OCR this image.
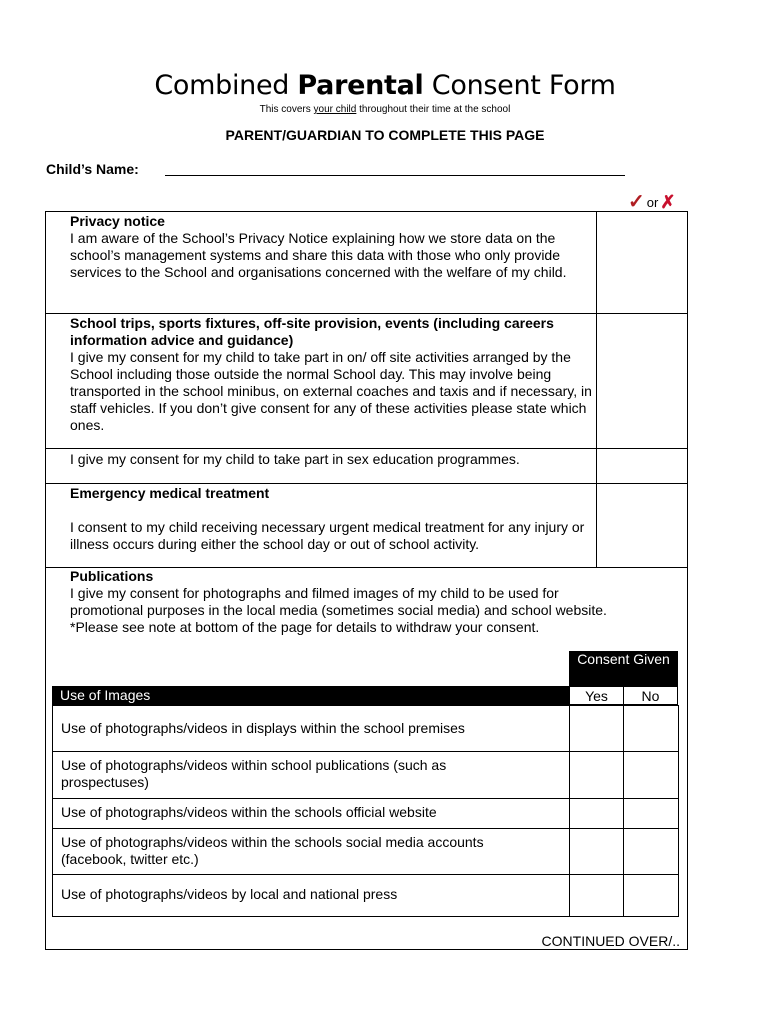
Combined Parental Consent Form
This covers your child throughout their time at the school
PARENT/GUARDIAN TO COMPLETE THIS PAGE
Child’s Name:
✓ or ✗
Privacy notice
I am aware of the School’s Privacy Notice explaining how we store data on the school’s management systems and share this data with those who only provide services to the School and organisations concerned with the welfare of my child.
School trips, sports fixtures, off-site provision, events (including careers information advice and guidance)
I give my consent for my child to take part in on/ off site activities arranged by the School including those outside the normal School day. This may involve being transported in the school minibus, on external coaches and taxis and if necessary, in staff vehicles. If you don’t give consent for any of these activities please state which ones.
I give my consent for my child to take part in sex education programmes.
Emergency medical treatment
I consent to my child receiving necessary urgent medical treatment for any injury or illness occurs during either the school day or out of school activity.
Publications
I give my consent for photographs and filmed images of my child to be used for
promotional purposes in the local media (sometimes social media) and school website.
*Please see note at bottom of the page for details to withdraw your consent.
Consent Given
Use of Images	Yes	No
Use of photographs/videos in displays within the school premises
Use of photographs/videos within school publications (such as prospectuses)
Use of photographs/videos within the schools official website
Use of photographs/videos within the schools social media accounts (facebook, twitter etc.)
Use of photographs/videos by local and national press
CONTINUED OVER/..
